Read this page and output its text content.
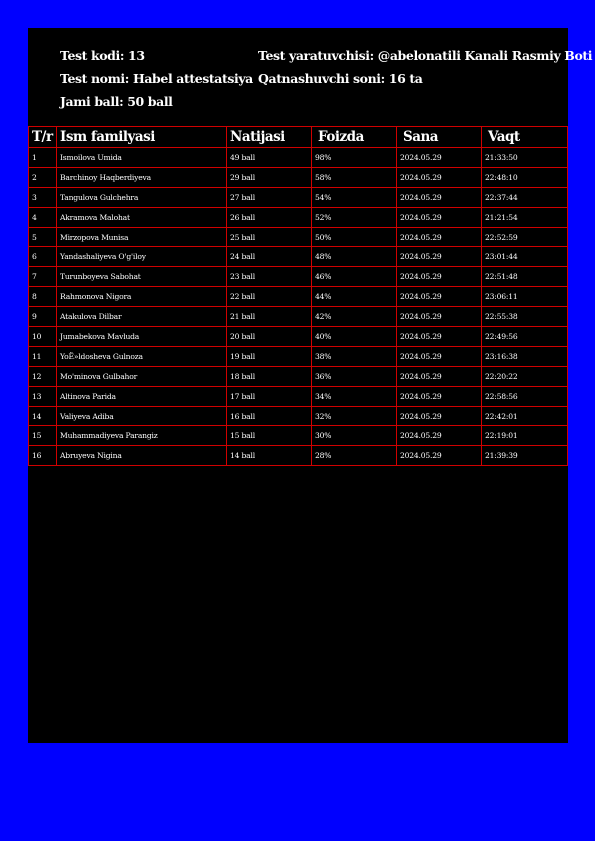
Test kodi: 13
Test nomi: Habel attestatsiya
Jami ball: 50 ball
Test yaratuvchisi: @abelonatili Kanali Rasmiy Boti
Qatnashuvchi soni: 16 ta
T/r	Ism familyasi	Natijasi	Foizda	Sana	Vaqt
1	Ismoilova Umida	49 ball	98%	2024.05.29	21:33:50
2	Barchinoy Haqberdiyeva	29 ball	58%	2024.05.29	22:48:10
3	Tangulova Gulchehra	27 ball	54%	2024.05.29	22:37:44
4	Akramova Malohat	26 ball	52%	2024.05.29	21:21:54
5	Mirzopova Munisa	25 ball	50%	2024.05.29	22:52:59
6	Yandashaliyeva O'g'iloy	24 ball	48%	2024.05.29	23:01:44
7	Turunboyeva Sabohat	23 ball	46%	2024.05.29	22:51:48
8	Rahmonova Nigora	22 ball	44%	2024.05.29	23:06:11
9	Atakulova Dilbar	21 ball	42%	2024.05.29	22:55:38
10	Jumabekova Mavluda	20 ball	40%	2024.05.29	22:49:56
11	YoË»ldosheva Gulnoza	19 ball	38%	2024.05.29	23:16:38
12	Mo'minova Gulbahor	18 ball	36%	2024.05.29	22:20:22
13	Altinova Parida	17 ball	34%	2024.05.29	22:58:56
14	Valiyeva Adiba	16 ball	32%	2024.05.29	22:42:01
15	Muhammadiyeva Parangiz	15 ball	30%	2024.05.29	22:19:01
16	Abruyeva Nigina	14 ball	28%	2024.05.29	21:39:39
